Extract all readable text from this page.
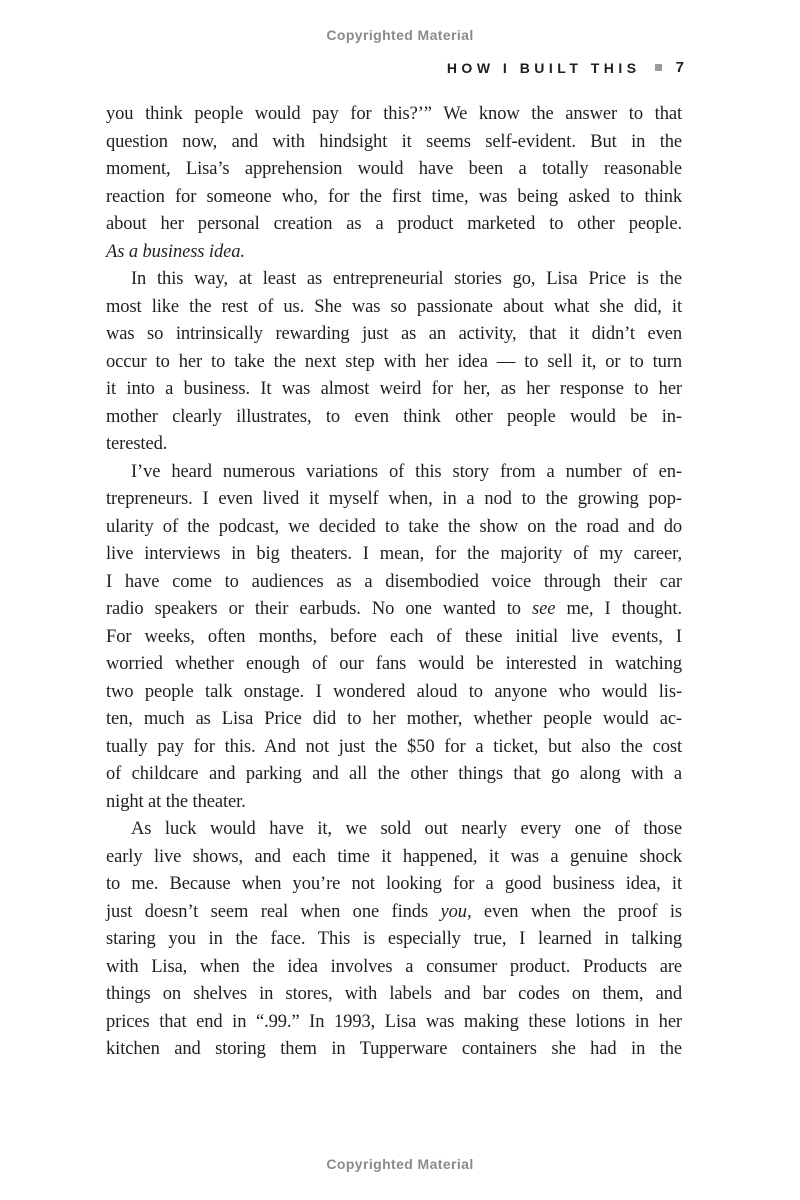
Copyrighted Material
HOW I BUILT THIS 7
you think people would pay for this?’” We know the answer to that
question now, and with hindsight it seems self-evident. But in the
moment, Lisa’s apprehension would have been a totally reasonable
reaction for someone who, for the first time, was being asked to think
about her personal creation as a product marketed to other people.
As a business idea.
In this way, at least as entrepreneurial stories go, Lisa Price is the
most like the rest of us. She was so passionate about what she did, it
was so intrinsically rewarding just as an activity, that it didn’t even
occur to her to take the next step with her idea — to sell it, or to turn
it into a business. It was almost weird for her, as her response to her
mother clearly illustrates, to even think other people would be in-
terested.
I’ve heard numerous variations of this story from a number of en-
trepreneurs. I even lived it myself when, in a nod to the growing pop-
ularity of the podcast, we decided to take the show on the road and do
live interviews in big theaters. I mean, for the majority of my career,
I have come to audiences as a disembodied voice through their car
radio speakers or their earbuds. No one wanted to see me, I thought.
For weeks, often months, before each of these initial live events, I
worried whether enough of our fans would be interested in watching
two people talk onstage. I wondered aloud to anyone who would lis-
ten, much as Lisa Price did to her mother, whether people would ac-
tually pay for this. And not just the $50 for a ticket, but also the cost
of childcare and parking and all the other things that go along with a
night at the theater.
As luck would have it, we sold out nearly every one of those
early live shows, and each time it happened, it was a genuine shock
to me. Because when you’re not looking for a good business idea, it
just doesn’t seem real when one finds you, even when the proof is
staring you in the face. This is especially true, I learned in talking
with Lisa, when the idea involves a consumer product. Products are
things on shelves in stores, with labels and bar codes on them, and
prices that end in “.99.” In 1993, Lisa was making these lotions in her
kitchen and storing them in Tupperware containers she had in the
Copyrighted Material
